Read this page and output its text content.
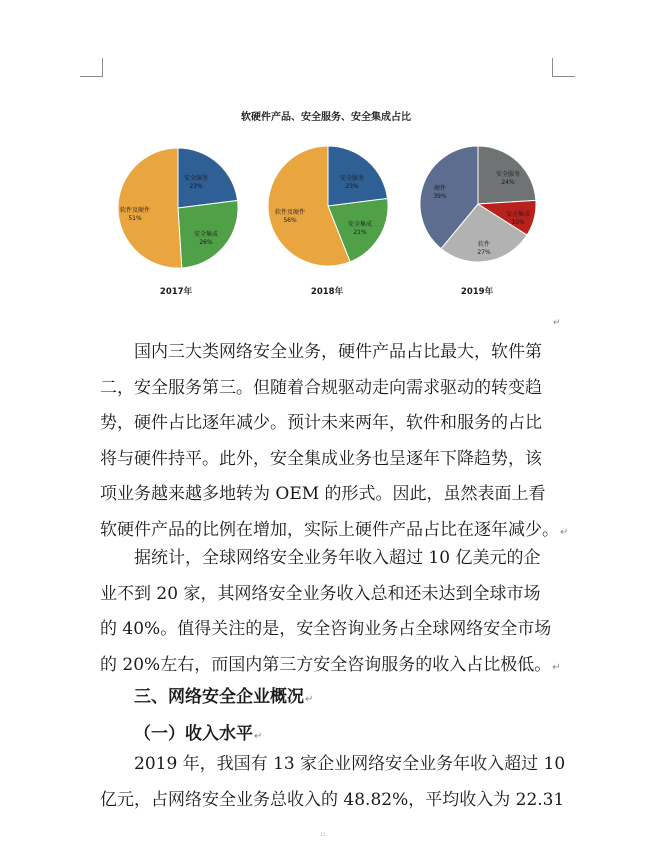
软硬件产品、安全服务、安全集成占比
安全服务
23%
安全集成
26%
软件及硬件
51%
2017年
安全服务
23%
安全集成
21%
软件及硬件
56%
2018年
安全服务
24%
安全集成
10%
软件
27%
硬件
39%
2019年
↵
国内三大类网络安全业务，硬件产品占比最大，软件第
二，安全服务第三。但随着合规驱动走向需求驱动的转变趋
势，硬件占比逐年减少。预计未来两年，软件和服务的占比
将与硬件持平。此外，安全集成业务也呈逐年下降趋势，该
项业务越来越多地转为 OEM 的形式。因此，虽然表面上看
软硬件产品的比例在增加，实际上硬件产品占比在逐年减少。↵
据统计，全球网络安全业务年收入超过 10 亿美元的企
业不到 20 家，其网络安全业务收入总和还未达到全球市场
的 40%。值得关注的是，安全咨询业务占全球网络安全市场
的 20%左右，而国内第三方安全咨询服务的收入占比极低。↵
三、网络安全企业概况↵
（一）收入水平↵
2019 年，我国有 13 家企业网络安全业务年收入超过 10
亿元，占网络安全业务总收入的 48.82%，平均收入为 22.31
::
